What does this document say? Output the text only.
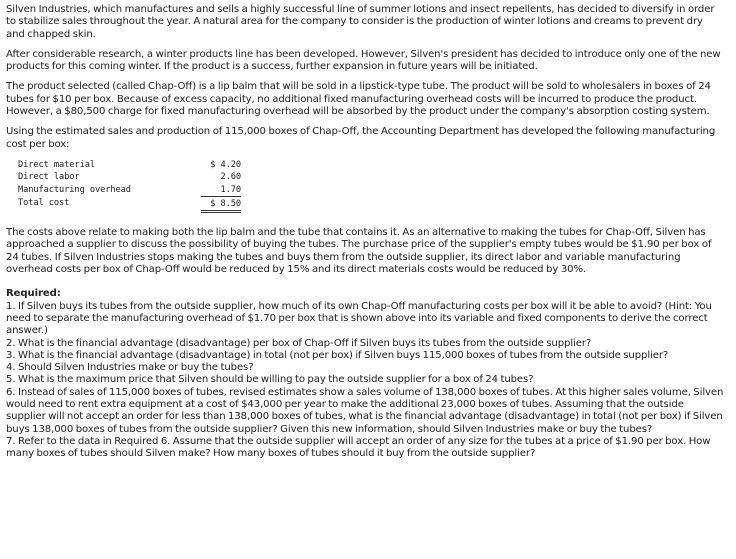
Silven Industries, which manufactures and sells a highly successful line of summer lotions and insect repellents, has decided to diversify in order to stabilize sales throughout the year. A natural area for the company to consider is the production of winter lotions and creams to prevent dry and chapped skin.

After considerable research, a winter products line has been developed. However, Silven's president has decided to introduce only one of the new products for this coming winter. If the product is a success, further expansion in future years will be initiated.

The product selected (called Chap-Off) is a lip balm that will be sold in a lipstick-type tube. The product will be sold to wholesalers in boxes of 24 tubes for $10 per box. Because of excess capacity, no additional fixed manufacturing overhead costs will be incurred to produce the product. However, a $80,500 charge for fixed manufacturing overhead will be absorbed by the product under the company's absorption costing system.

Using the estimated sales and production of 115,000 boxes of Chap-Off, the Accounting Department has developed the following manufacturing cost per box:

Direct material	$ 4.20
Direct labor	2.60
Manufacturing overhead	1.70
Total cost	$ 8.50

The costs above relate to making both the lip balm and the tube that contains it. As an alternative to making the tubes for Chap-Off, Silven has approached a supplier to discuss the possibility of buying the tubes. The purchase price of the supplier's empty tubes would be $1.90 per box of 24 tubes. If Silven Industries stops making the tubes and buys them from the outside supplier, its direct labor and variable manufacturing overhead costs per box of Chap-Off would be reduced by 15% and its direct materials costs would be reduced by 30%.

Required:

1. If Silven buys its tubes from the outside supplier, how much of its own Chap-Off manufacturing costs per box will it be able to avoid? (Hint: You need to separate the manufacturing overhead of $1.70 per box that is shown above into its variable and fixed components to derive the correct answer.)

2. What is the financial advantage (disadvantage) per box of Chap-Off if Silven buys its tubes from the outside supplier?

3. What is the financial advantage (disadvantage) in total (not per box) if Silven buys 115,000 boxes of tubes from the outside supplier?

4. Should Silven Industries make or buy the tubes?

5. What is the maximum price that Silven should be willing to pay the outside supplier for a box of 24 tubes?

6. Instead of sales of 115,000 boxes of tubes, revised estimates show a sales volume of 138,000 boxes of tubes. At this higher sales volume, Silven would need to rent extra equipment at a cost of $43,000 per year to make the additional 23,000 boxes of tubes. Assuming that the outside supplier will not accept an order for less than 138,000 boxes of tubes, what is the financial advantage (disadvantage) in total (not per box) if Silven buys 138,000 boxes of tubes from the outside supplier? Given this new information, should Silven Industries make or buy the tubes?

7. Refer to the data in Required 6. Assume that the outside supplier will accept an order of any size for the tubes at a price of $1.90 per box. How many boxes of tubes should Silven make? How many boxes of tubes should it buy from the outside supplier?
